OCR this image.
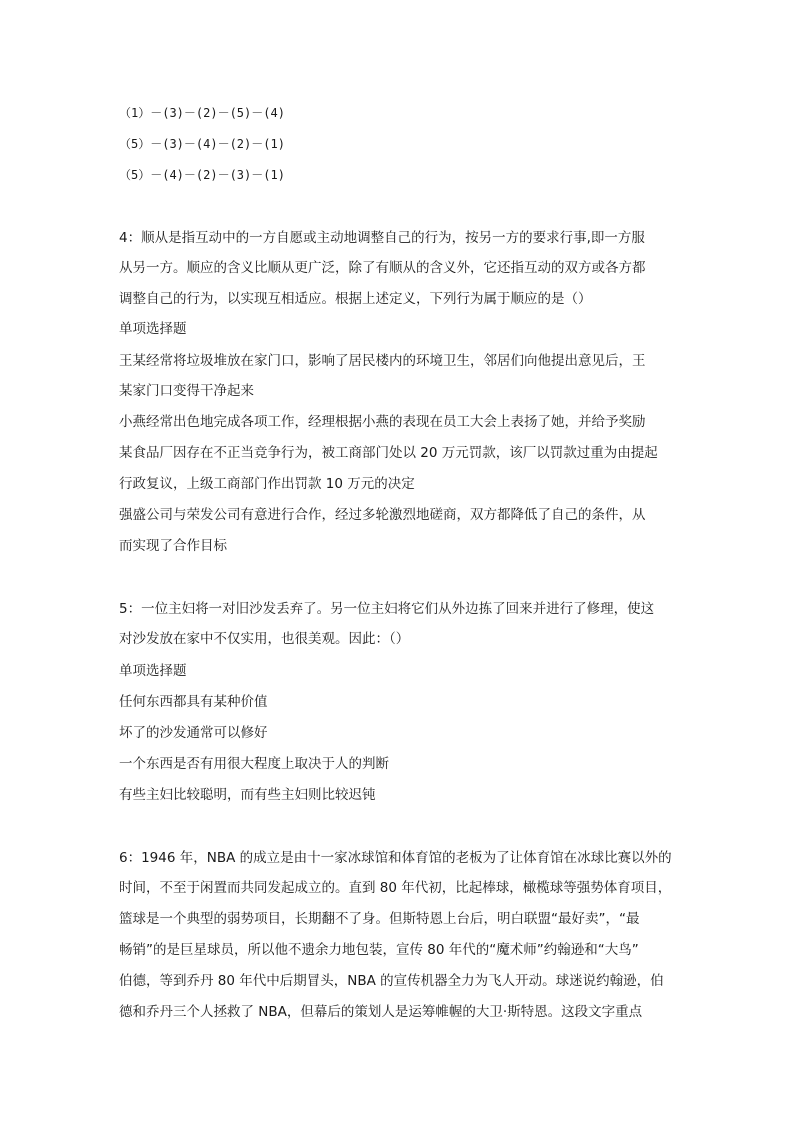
（1）－(3)－(2)－(5)－(4)
（5）－(3)－(4)－(2)－(1)
（5）－(4)－(2)－(3)－(1)
4：顺从是指互动中的一方自愿或主动地调整自己的行为，按另一方的要求行事,即一方服
从另一方。顺应的含义比顺从更广泛，除了有顺从的含义外，它还指互动的双方或各方都
调整自己的行为，以实现互相适应。根据上述定义，下列行为属于顺应的是（）
单项选择题
王某经常将垃圾堆放在家门口，影响了居民楼内的环境卫生，邻居们向他提出意见后，王
某家门口变得干净起来
小燕经常出色地完成各项工作，经理根据小燕的表现在员工大会上表扬了她，并给予奖励
某食品厂因存在不正当竞争行为，被工商部门处以 20 万元罚款，该厂以罚款过重为由提起
行政复议，上级工商部门作出罚款 10 万元的决定
强盛公司与荣发公司有意进行合作，经过多轮激烈地磋商，双方都降低了自己的条件，从
而实现了合作目标
5：一位主妇将一对旧沙发丢弃了。另一位主妇将它们从外边拣了回来并进行了修理，使这
对沙发放在家中不仅实用，也很美观。因此：（）
单项选择题
任何东西都具有某种价值
坏了的沙发通常可以修好
一个东西是否有用很大程度上取决于人的判断
有些主妇比较聪明，而有些主妇则比较迟钝
6：1946 年，NBA 的成立是由十一家冰球馆和体育馆的老板为了让体育馆在冰球比赛以外的
时间，不至于闲置而共同发起成立的。直到 80 年代初，比起棒球，橄榄球等强势体育项目，
篮球是一个典型的弱势项目，长期翻不了身。但斯特恩上台后，明白联盟“最好卖”，“最
畅销”的是巨星球员，所以他不遗余力地包装，宣传 80 年代的“魔术师”约翰逊和“大鸟”
伯德，等到乔丹 80 年代中后期冒头，NBA 的宣传机器全力为飞人开动。球迷说约翰逊，伯
德和乔丹三个人拯救了 NBA，但幕后的策划人是运筹帷幄的大卫·斯特恩。这段文字重点
